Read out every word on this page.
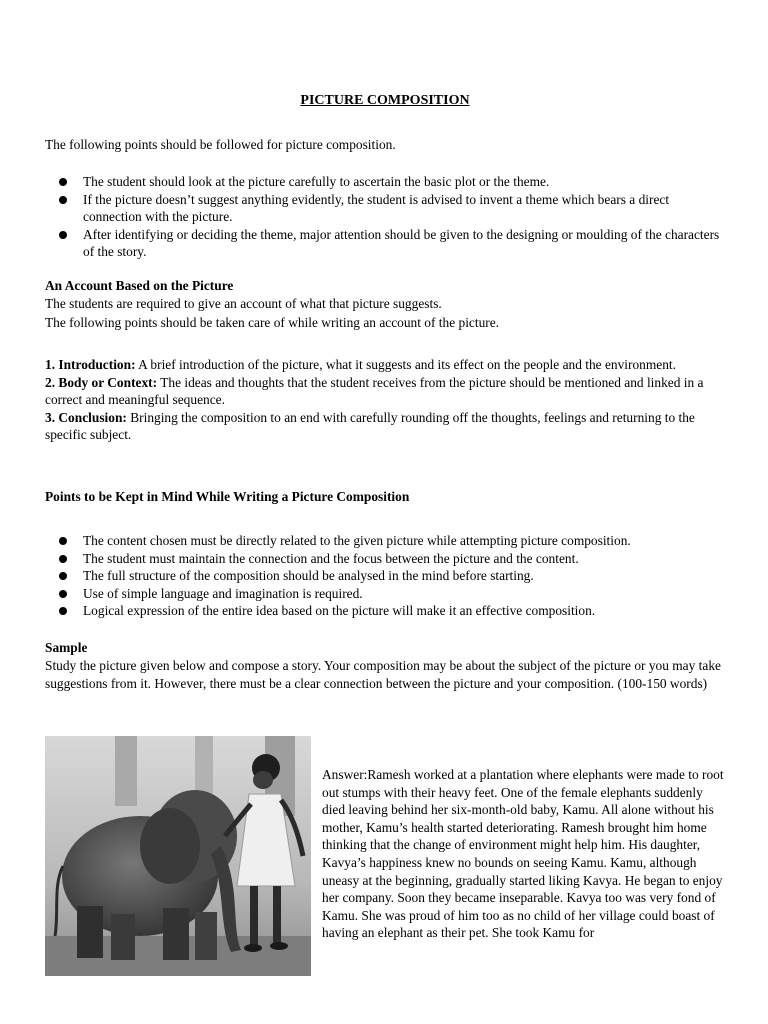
PICTURE COMPOSITION

The following points should be followed for picture composition.

The student should look at the picture carefully to ascertain the basic plot or the theme.
If the picture doesn’t suggest anything evidently, the student is advised to invent a theme which bears a direct connection with the picture.
After identifying or deciding the theme, major attention should be given to the designing or moulding of the characters of the story.

An Account Based on the Picture

The students are required to give an account of what that picture suggests.

The following points should be taken care of while writing an account of the picture.

1. Introduction: A brief introduction of the picture, what it suggests and its effect on the people and the environment.
2. Body or Context: The ideas and thoughts that the student receives from the picture should be mentioned and linked in a correct and meaningful sequence.
3. Conclusion: Bringing the composition to an end with carefully rounding off the thoughts, feelings and returning to the specific subject.

Points to be Kept in Mind While Writing a Picture Composition

The content chosen must be directly related to the given picture while attempting picture composition.
The student must maintain the connection and the focus between the picture and the content.
The full structure of the composition should be analysed in the mind before starting.
Use of simple language and imagination is required.
Logical expression of the entire idea based on the picture will make it an effective composition.

Sample

Study the picture given below and compose a story. Your composition may be about the subject of the picture or you may take suggestions from it. However, there must be a clear connection between the picture and your composition. (100-150 words)

Answer:Ramesh worked at a plantation where elephants were made to root out stumps with their heavy feet. One of the female elephants suddenly died leaving behind her six-month-old baby, Kamu. All alone without his mother, Kamu’s health started deteriorating. Ramesh brought him home thinking that the change of environment might help him. His daughter, Kavya’s happiness knew no bounds on seeing Kamu. Kamu, although uneasy at the beginning, gradually started liking Kavya. He began to enjoy her company. Soon they became inseparable. Kavya too was very fond of Kamu. She was proud of him too as no child of her village could boast of having an elephant as their pet. She took Kamu for
